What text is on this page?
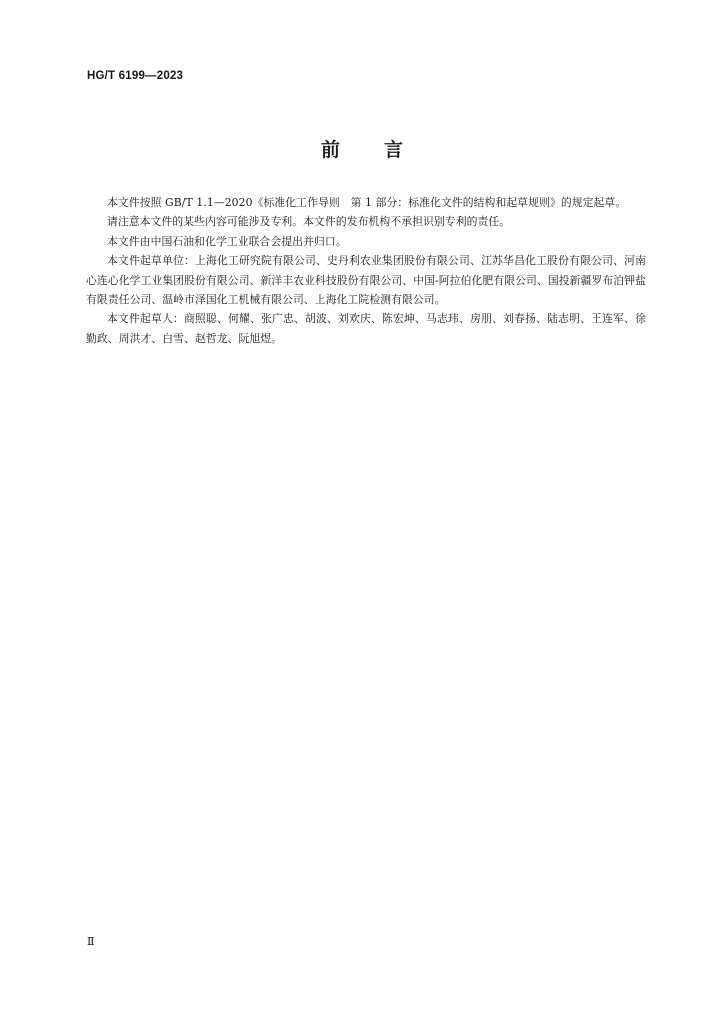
HG/T 6199—2023
前 言

本文件按照 GB/T 1.1—2020《标准化工作导则　第 1 部分：标准化文件的结构和起草规则》的规定起草。

请注意本文件的某些内容可能涉及专利。本文件的发布机构不承担识别专利的责任。

本文件由中国石油和化学工业联合会提出并归口。

本文件起草单位：上海化工研究院有限公司、史丹利农业集团股份有限公司、江苏华昌化工股份有限公司、河南心连心化学工业集团股份有限公司、新洋丰农业科技股份有限公司、中国-阿拉伯化肥有限公司、国投新疆罗布泊钾盐有限责任公司、温岭市泽国化工机械有限公司、上海化工院检测有限公司。

本文件起草人：商照聪、何耀、张广忠、胡波、刘欢庆、陈宏坤、马志玮、房朋、刘春扬、陆志明、王连军、徐勤政、周洪才、白雪、赵哲龙、阮旭煜。

Ⅱ
